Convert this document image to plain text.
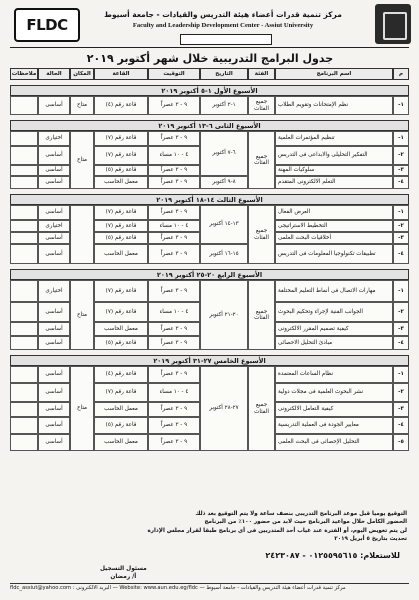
FLDC
مركز تنمية قدرات أعضاء هيئة التدريس والقيادات - جامعة أسيوط
Faculty and Leadership Development Center - Assiut University
جدول البرامج التدريبية خلال شهر أكتوبر ٢٠١٩
م
اسم البرنامج
الفئة
التاريخ
التوقيت
القاعة
المكان
الحالة
ملاحظات
الأسبوع الأول ١-٥ أكتوبر ٢٠١٩
١-
نظم الإمتحانات وتقويم الطلاب
٩ - ٣ عصراً
قاعة رقم (٤)
أساسى
جميع الفئات
١-٢ أكتوبر
متاح
الأسبوع الثانى ٦-١٣ أكتوبر ٢٠١٩
١-
تنظيم المؤتمرات العلمية
٩ - ٣ عصراً
قاعة رقم (٧)
اختيارى
٢-
التفكير التحليلى والابداعى فى التدريس
٤ - ١٠ مساء
قاعة رقم (٧)
أساسى
٣-
سلوكيات المهنة
٩ - ٣ عصراً
قاعة رقم (٥)
أساسى
٤-
التعلم الالكترونى المتقدم
٨-٩ أكتوبر
٩ - ٣ عصراً
معمل الحاسب
أساسى
جميع الفئات
٦-٧ أكتوبر
متاح
الأسبوع الثالث ١٤-١٨ أكتوبر ٢٠١٩
١-
العرض الفعال
٩ - ٣ عصراً
قاعة رقم (٧)
أساسى
٢-
التخطيط الاستراتيجى
٤ - ١٠ مساء
قاعة رقم (٧)
اختيارى
٣-
أخلاقيات البحث العلمى
٩ - ٣ عصراً
قاعة رقم (٥)
أساسى
٤-
تطبيقات تكنولوجيا المعلومات فى التدريس
١٥-١٦ أكتوبر
٩ - ٣ عصراً
معمل الحاسب
أساسى
جميع الفئات
١٣-١٤ أكتوبر
الأسبوع الرابع ٢٠-٢٥ أكتوبر ٢٠١٩
١-
مهارات الاتصال فى أنماط التعليم المختلفة
٩ - ٣ عصراً
قاعة رقم (٧)
اختيارى
٢-
الجوانب الفنية لإجراء وتحكيم البحوث
٤ - ١٠ مساء
قاعة رقم (٧)
أساسى
٣-
كيفية تصميم المقرر الالكترونى
٩ - ٣ عصراً
معمل الحاسب
أساسى
٤-
مبادئ التحليل الاحصائى
٩ - ٣ عصراً
قاعة رقم (٥)
أساسى
جميع الفئات
٢٠-٢١ أكتوبر
متاح
الأسبوع الخامس ٢٧-٣١ أكتوبر ٢٠١٩
١-
نظام الساعات المعتمدة
٩ - ٣ عصراً
قاعة رقم (٤)
أساسى
٢-
نشر البحوث العلمية فى مجلات دولية
٤ - ١٠ مساء
قاعة رقم (٧)
أساسى
٣-
كيفية التعامل الالكترونى
٩ - ٣ عصراً
معمل الحاسب
أساسى
٤-
معايير الجودة فى العملية التدريسية
٩ - ٣ عصراً
قاعة رقم (٥)
أساسى
٥-
التحليل الإحصائى فى البحث العلمى
٩ - ٣ عصراً
معمل الحاسب
أساسى
جميع الفئات
٢٧-٢٨ أكتوبر
متاح
التوقيع يوميا قبل موعد البرنامج التدريبى بنصف ساعة ولا يتم التوقيع بعد ذلك
الحضور الكامل خلال مواعيد البرنامج حيث لابد من حضور ١٠٠٪ من البرنامج
لن يتم تعويض اليوم، أو الفترة عند غياب أحد المتدربين فى أى برنامج طبقا لقرار مجلس الإدارة
تحديث بتاريخ ٥ أبريل ٢٠١٩
للاستعلام: ٠١٢٥٥٩٥٦١٥ - ٢٤٢٣٠٨٧
مسئول التسجيل
أ/ رمضان
fldc_assiut@yahoo.com : البريد الالكترونى — Website: www.aun.edu.eg/fldc — مركز تنمية قدرات أعضاء هيئة التدريس والقيادات - جامعة أسيوط
